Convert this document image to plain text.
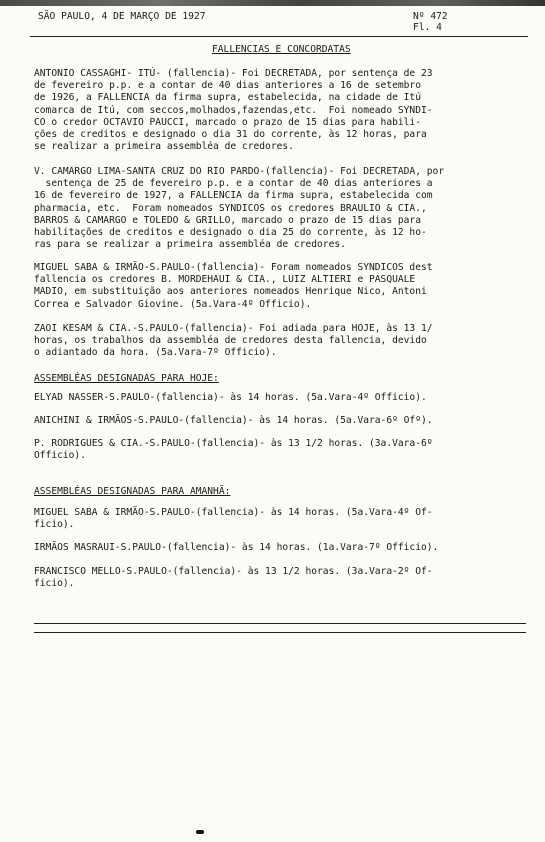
SÃO PAULO, 4 DE MARÇO DE 1927	Nº 472
Fl. 4
FALLENCIAS E CONCORDATAS
ANTONIO CASSAGHI- ITÚ- (fallencia)- Foi DECRETADA, por sentença de 23
de fevereiro p.p. e a contar de 40 dias anteriores a 16 de setembro
de 1926, a FALLENCIA da firma supra, estabelecida, na cidade de Itú
comarca de Itú, com seccos,molhados,fazendas,etc.  Foi nomeado SYNDI-
CO o credor OCTAVIO PAUCCI, marcado o prazo de 15 dias para habili-
ções de creditos e designado o dia 31 do corrente, às 12 horas, para
se realizar a primeira assembléa de credores.
V. CAMARGO LIMA-SANTA CRUZ DO RIO PARDO-(fallencia)- Foi DECRETADA, por
sentença de 25 de fevereiro p.p. e a contar de 40 dias anteriores a
16 de fevereiro de 1927, a FALLENCIA da firma supra, estabelecida com
pharmacia, etc.  Foram nomeados SYNDICOS os credores BRAULIO & CIA.,
BARROS & CAMARGO e TOLEDO & GRILLO, marcado o prazo de 15 dias para
habilitações de creditos e designado o dia 25 do corrente, às 12 ho-
ras para se realizar a primeira assembléa de credores.
MIGUEL SABA & IRMÃO-S.PAULO-(fallencia)- Foram nomeados SYNDICOS dest
fallencia os credores B. MORDEHAUI & CIA., LUIZ ALTIERI e PASQUALE
MADIO, em substituição aos anteriores nomeados Henrique Nico, Antoni
Correa e Salvador Giovine. (5a.Vara-4º Officio).
ZAOI KESAM & CIA.-S.PAULO-(fallencia)- Foi adiada para HOJE, às 13 1/
horas, os trabalhos da assembléa de credores desta fallencia, devido
o adiantado da hora. (5a.Vara-7º Officio).
ASSEMBLÉAS DESIGNADAS PARA HOJE:
ELYAD NASSER-S.PAULO-(fallencia)- às 14 horas. (5a.Vara-4º Officio).
ANICHINI & IRMÃOS-S.PAULO-(fallencia)- às 14 horas. (5a.Vara-6º Ofº).
P. RODRIGUES & CIA.-S.PAULO-(fallencia)- às 13 1/2 horas. (3a.Vara-6º
Officio).
ASSEMBLÉAS DESIGNADAS PARA AMANHÃ:
MIGUEL SABA & IRMÃO-S.PAULO-(fallencia)- às 14 horas. (5a.Vara-4º Of-
ficio).
IRMÃOS MASRAUI-S.PAULO-(fallencia)- às 14 horas. (1a.Vara-7º Officio).
FRANCISCO MELLO-S.PAULO-(fallencia)- às 13 1/2 horas. (3a.Vara-2º Of-
ficio).
